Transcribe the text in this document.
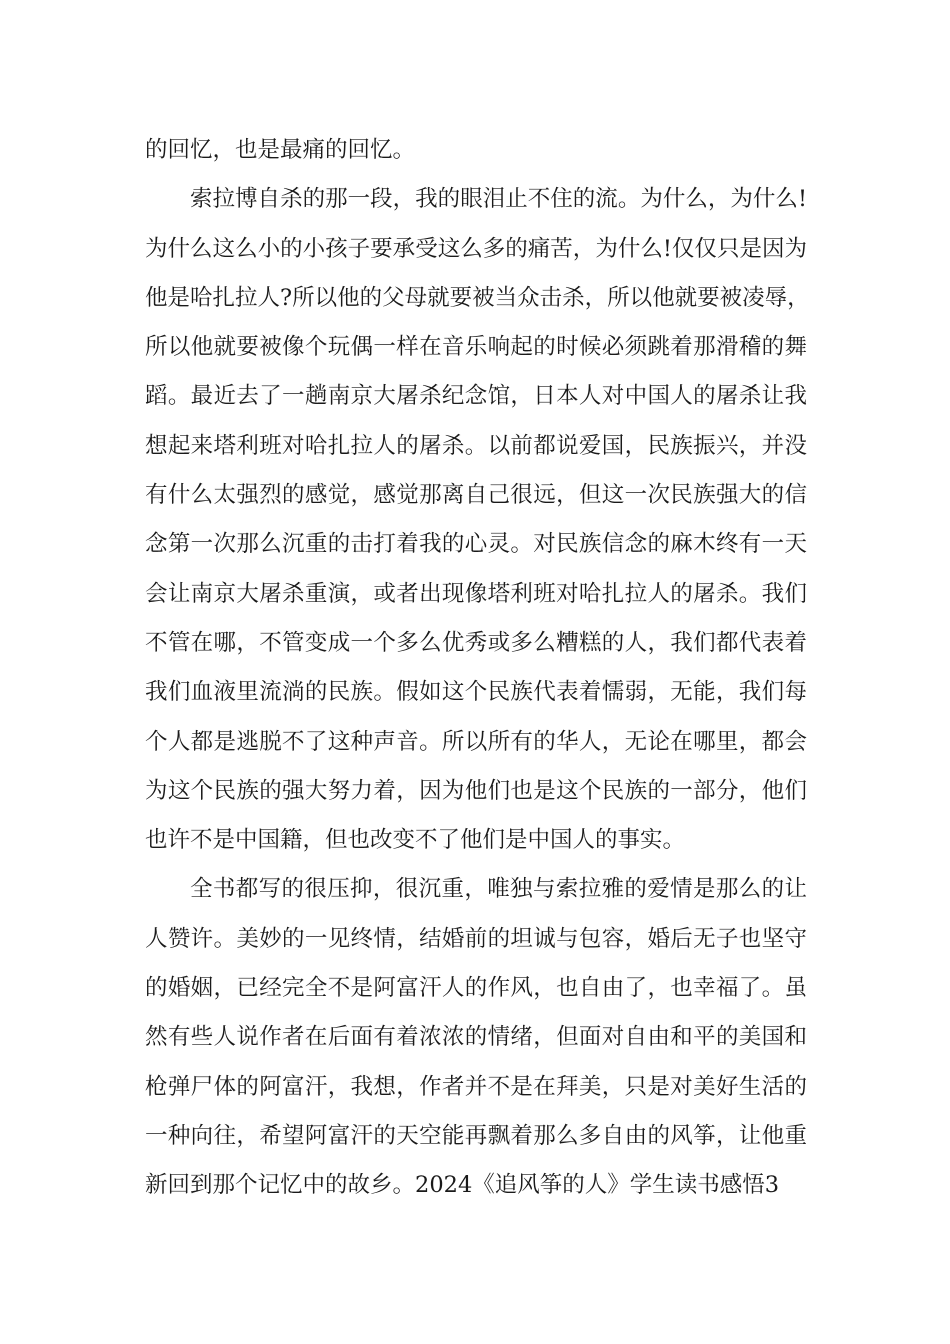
的回忆，也是最痛的回忆。
索拉博自杀的那一段，我的眼泪止不住的流。为什么，为什么!
为什么这么小的小孩子要承受这么多的痛苦，为什么!仅仅只是因为
他是哈扎拉人?所以他的父母就要被当众击杀，所以他就要被凌辱，
所以他就要被像个玩偶一样在音乐响起的时候必须跳着那滑稽的舞
蹈。最近去了一趟南京大屠杀纪念馆，日本人对中国人的屠杀让我
想起来塔利班对哈扎拉人的屠杀。以前都说爱国，民族振兴，并没
有什么太强烈的感觉，感觉那离自己很远，但这一次民族强大的信
念第一次那么沉重的击打着我的心灵。对民族信念的麻木终有一天
会让南京大屠杀重演，或者出现像塔利班对哈扎拉人的屠杀。我们
不管在哪，不管变成一个多么优秀或多么糟糕的人，我们都代表着
我们血液里流淌的民族。假如这个民族代表着懦弱，无能，我们每
个人都是逃脱不了这种声音。所以所有的华人，无论在哪里，都会
为这个民族的强大努力着，因为他们也是这个民族的一部分，他们
也许不是中国籍，但也改变不了他们是中国人的事实。
全书都写的很压抑，很沉重，唯独与索拉雅的爱情是那么的让
人赞许。美妙的一见终情，结婚前的坦诚与包容，婚后无子也坚守
的婚姻，已经完全不是阿富汗人的作风，也自由了，也幸福了。虽
然有些人说作者在后面有着浓浓的情绪，但面对自由和平的美国和
枪弹尸体的阿富汗，我想，作者并不是在拜美，只是对美好生活的
一种向往，希望阿富汗的天空能再飘着那么多自由的风筝，让他重
新回到那个记忆中的故乡。2024《追风筝的人》学生读书感悟3
